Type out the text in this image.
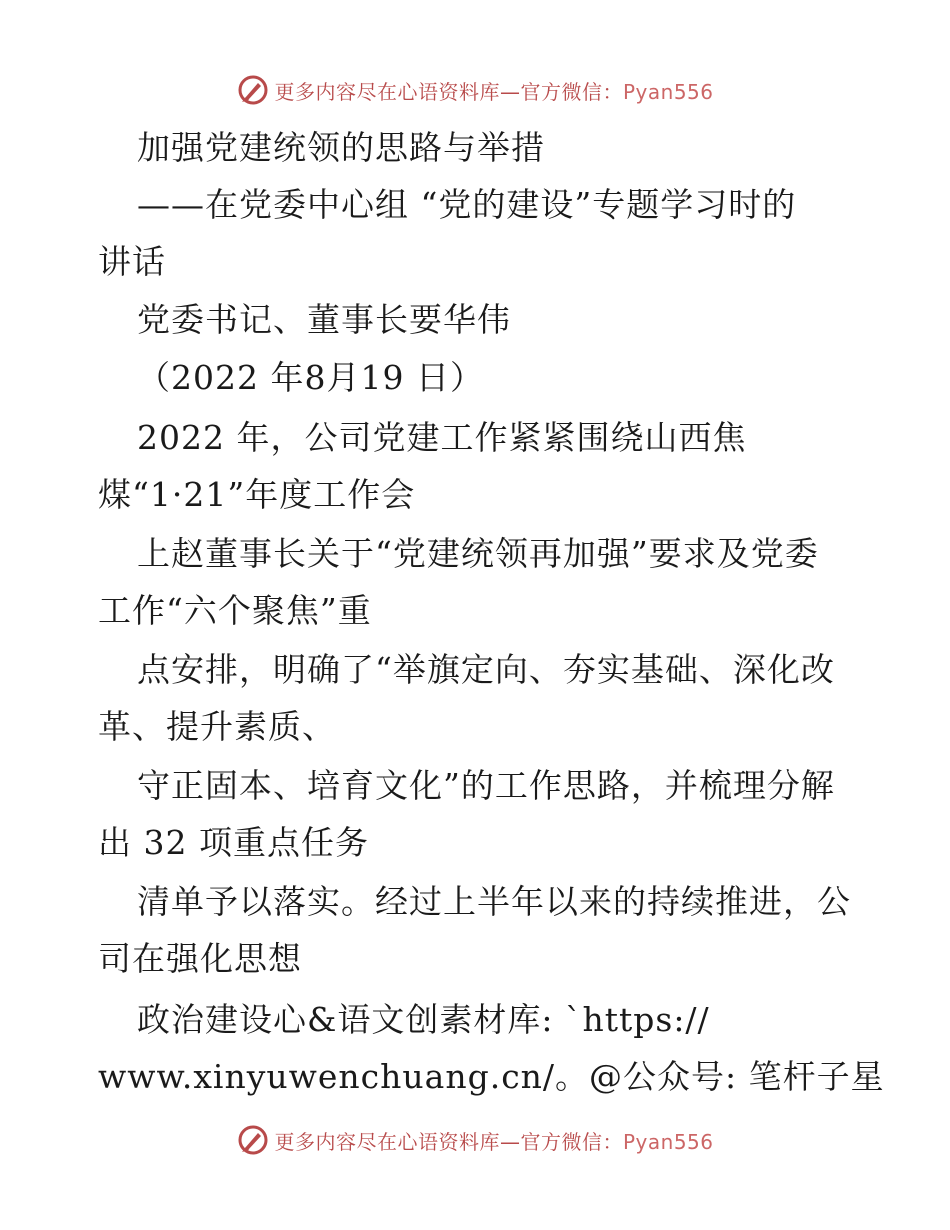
更多内容尽在心语资料库—官方微信：Pyan556
加强党建统领的思路与举措
——在党委中心组 “党的建设”专题学习时的
讲话
党委书记、董事长要华伟
（2022 年8月19 日）
2022 年，公司党建工作紧紧围绕山西焦
煤“1·21”年度工作会
上赵董事长关于“党建统领再加强”要求及党委
工作“六个聚焦”重
点安排，明确了“举旗定向、夯实基础、深化改
革、提升素质、
守正固本、培育文化”的工作思路，并梳理分解
出 32 项重点任务
清单予以落实。经过上半年以来的持续推进，公
司在强化思想
政治建设心&语文创素材库: `https://
www.xinyuwenchuang.cn/。@公众号: 笔杆子星
更多内容尽在心语资料库—官方微信：Pyan556
